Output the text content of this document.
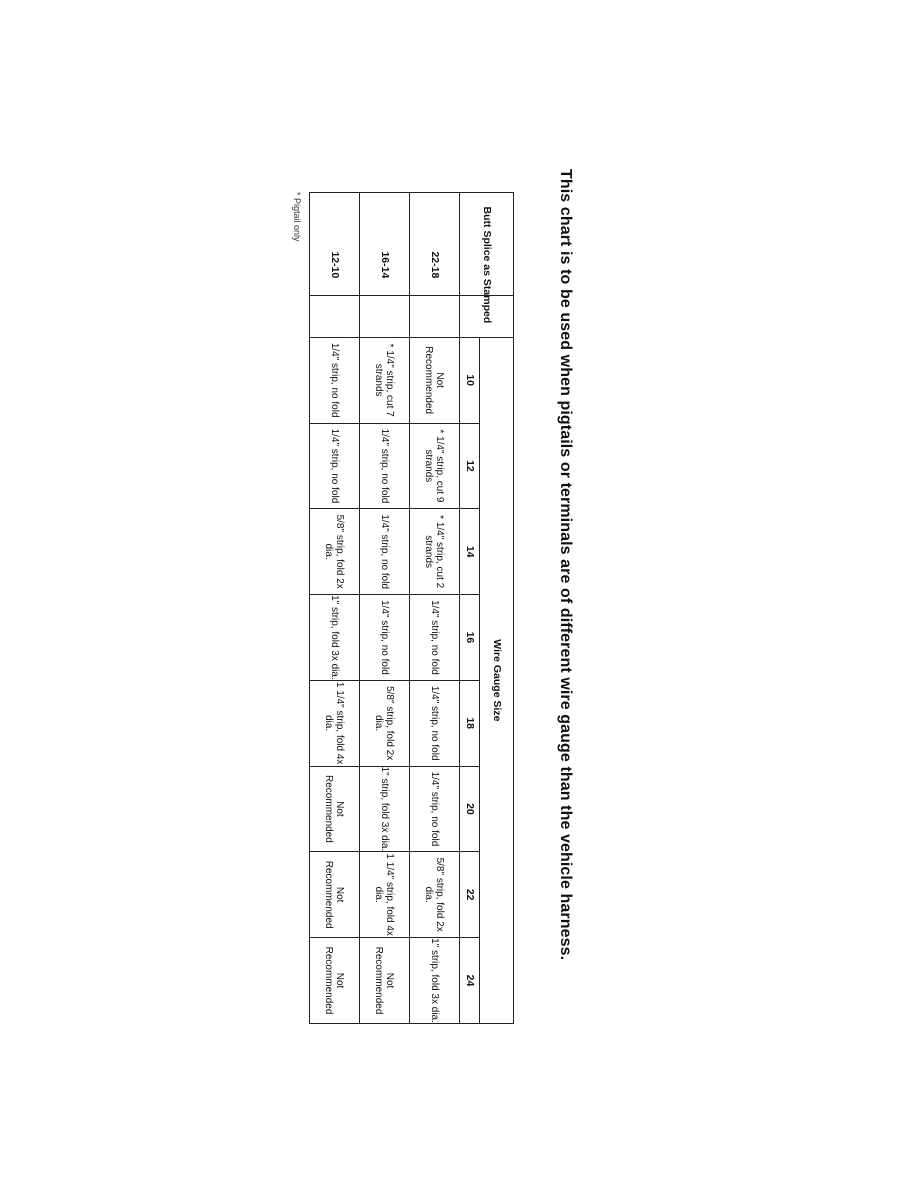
This chart is to be used when pigtails or terminals are of different wire gauge than the vehicle harness.
Butt Splice as Stamped	Wire Gauge Size							
	10	12	14	16	18	20	22	24
22-18	Not Recommended	* 1/4" strip, cut 9 strands	* 1/4" strip, cut 2 strands	1/4" strip, no fold	1/4" strip, no fold	1/4" strip, no fold	5/8" strip, fold 2x dia.	1" strip, fold 3x dia.
16-14	* 1/4" strip, cut 7 strands	1/4" strip, no fold	1/4" strip, no fold	1/4" strip, no fold	5/8" strip, fold 2x dia.	1" strip, fold 3x dia.	1 1/4" strip, fold 4x dia.	Not Recommended
12-10	1/4" strip, no fold	1/4" strip, no fold	5/8" strip, fold 2x dia.	1" strip, fold 3x dia.	1 1/4" strip, fold 4x dia.	Not Recommended	Not Recommended	Not Recommended
* Pigtail only
